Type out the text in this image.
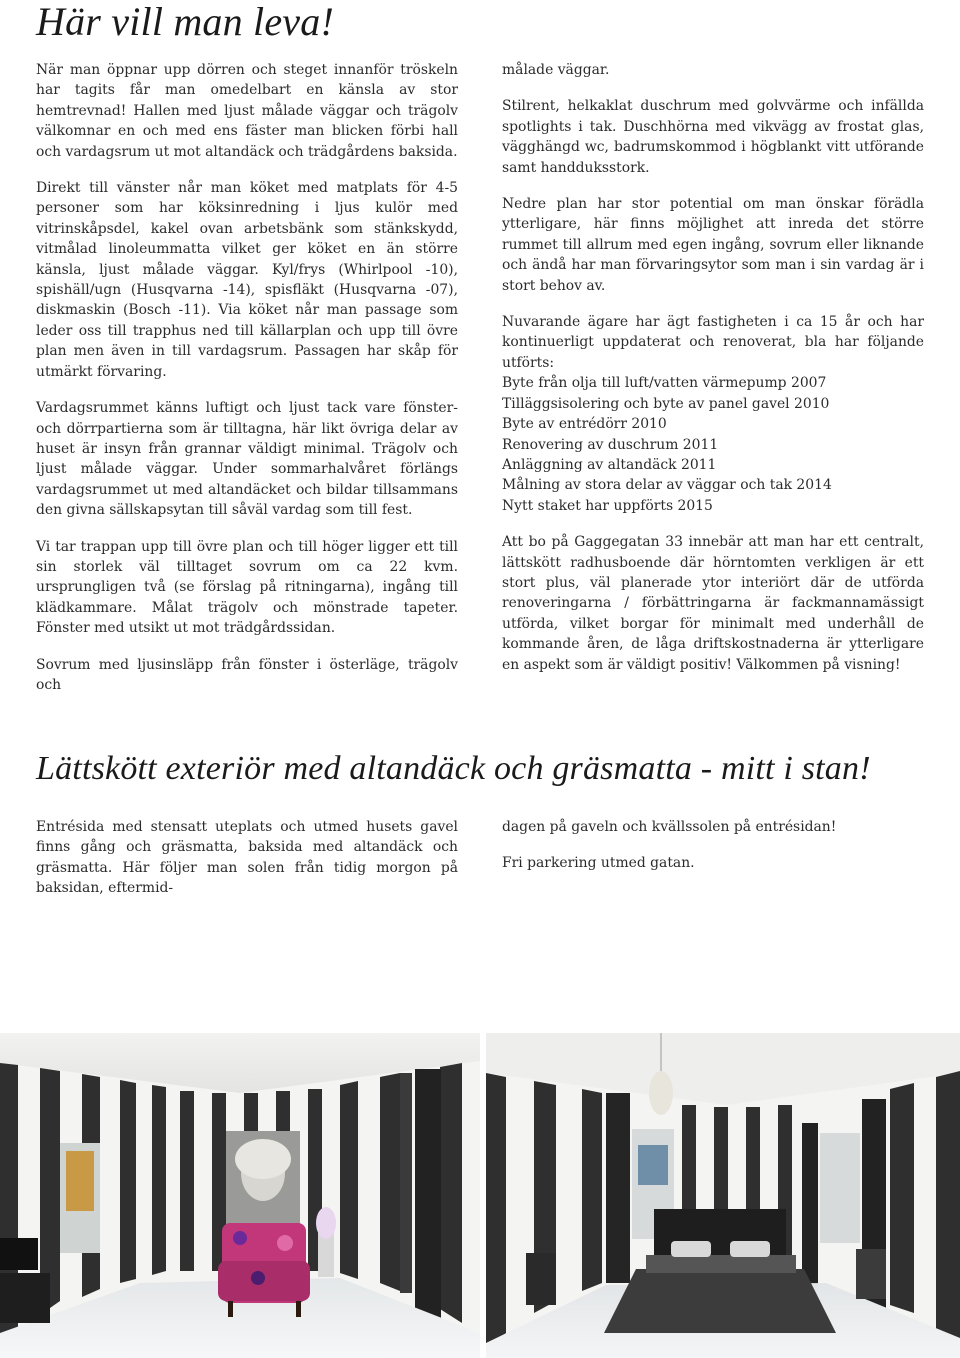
Här vill man leva!

När man öppnar upp dörren och steget innanför tröskeln har tagits får man omedelbart en känsla av stor hemtrevnad! Hallen med ljust målade väggar och trägolv välkomnar en och med ens fäster man blicken förbi hall och vardagsrum ut mot altandäck och trädgårdens baksida.

Direkt till vänster når man köket med matplats för 4-5 personer som har köksinredning i ljus kulör med vitrinskåpsdel, kakel ovan arbetsbänk som stänkskydd, vitmålad linoleummatta vilket ger köket en än större känsla, ljust målade väggar. Kyl/frys (Whirlpool -10), spishäll/ugn (Husqvarna -14), spisfläkt (Husqvarna -07), diskmaskin (Bosch -11). Via köket når man passage som leder oss till trapphus ned till källarplan och upp till övre plan men även in till vardagsrum. Passagen har skåp för utmärkt förvaring.

Vardagsrummet känns luftigt och ljust tack vare fönster- och dörrpartierna som är tilltagna, här likt övriga delar av huset är insyn från grannar väldigt minimal. Trägolv och ljust målade väggar. Under sommarhalvåret förlängs vardagsrummet ut med altandäcket och bildar tillsammans den givna sällskapsytan till såväl vardag som till fest.

Vi tar trappan upp till övre plan och till höger ligger ett till sin storlek väl tilltaget sovrum om ca 22 kvm. ursprungligen två (se förslag på ritningarna), ingång till klädkammare. Målat trägolv och mönstrade tapeter. Fönster med utsikt ut mot trädgårdssidan.

Sovrum med ljusinsläpp från fönster i österläge, trägolv och

målade väggar.

Stilrent, helkaklat duschrum med golvvärme och infällda spotlights i tak. Duschhörna med vikvägg av frostat glas, vägghängd wc, badrumskommod i högblankt vitt utförande samt handduksstork.

Nedre plan har stor potential om man önskar förädla ytterligare, här finns möjlighet att inreda det större rummet till allrum med egen ingång, sovrum eller liknande och ändå har man förvaringsytor som man i sin vardag är i stort behov av.

Nuvarande ägare har ägt fastigheten i ca 15 år och har kontinuerligt uppdaterat och renoverat, bla har följande utförts:

Byte från olja till luft/vatten värmepump 2007
Tilläggsisolering och byte av panel gavel 2010
Byte av entrédörr 2010
Renovering av duschrum 2011
Anläggning av altandäck 2011
Målning av stora delar av väggar och tak 2014
Nytt staket har uppförts 2015

Att bo på Gaggegatan 33 innebär att man har ett centralt, lättskött radhusboende där hörntomten verkligen är ett stort plus, väl planerade ytor interiört där de utförda renoveringarna / förbättringarna är fackmannamässigt utförda, vilket borgar för minimalt med underhåll de kommande åren, de låga driftskostnaderna är ytterligare en aspekt som är väldigt positiv! Välkommen på visning!

Lättskött exteriör med altandäck och gräsmatta - mitt i stan!

Entrésida med stensatt uteplats och utmed husets gavel finns gång och gräsmatta, baksida med altandäck och gräsmatta. Här följer man solen från tidig morgon på baksidan, eftermid-

dagen på gaveln och kvällssolen på entrésidan!

Fri parkering utmed gatan.
